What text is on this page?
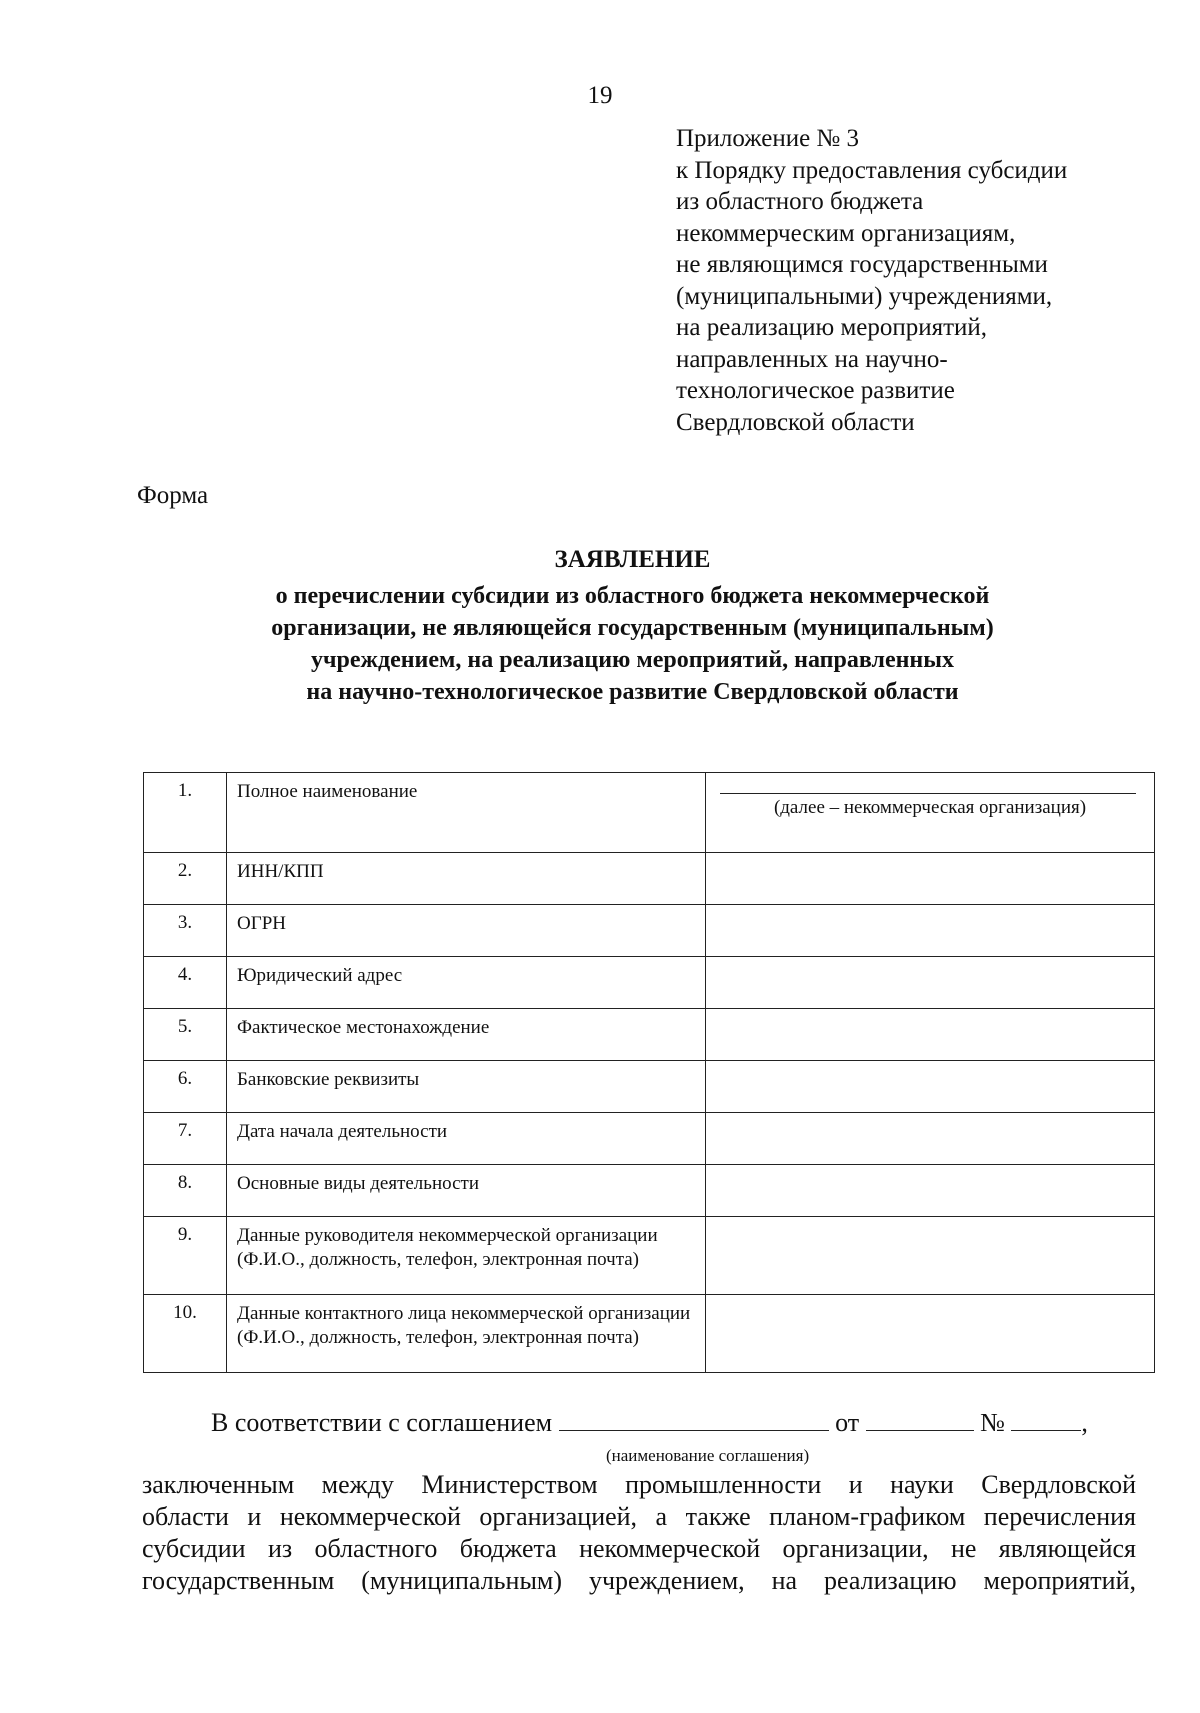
19
Приложение № 3
к Порядку предоставления субсидии
из областного бюджета
некоммерческим организациям,
не являющимся государственными
(муниципальными) учреждениями,
на реализацию мероприятий,
направленных на научно-
технологическое развитие
Свердловской области
Форма
ЗАЯВЛЕНИЕ
о перечислении субсидии из областного бюджета некоммерческой
организации, не являющейся государственным (муниципальным)
учреждением, на реализацию мероприятий, направленных
на научно-технологическое развитие Свердловской области
1.	Полное наименование	(далее – некоммерческая организация)

2.	ИНН/КПП	
3.	ОГРН	
4.	Юридический адрес	
5.	Фактическое местонахождение	
6.	Банковские реквизиты	
7.	Дата начала деятельности	
8.	Основные виды деятельности	
9.	Данные руководителя некоммерческой организации (Ф.И.О., должность, телефон, электронная почта)	
10.	Данные контактного лица некоммерческой организации (Ф.И.О., должность, телефон, электронная почта)	
В соответствии с соглашением	от	№	,
(наименование соглашения)
заключенным между Министерством промышленности и науки Свердловской
области и некоммерческой организацией, а также планом-графиком перечисления
субсидии из областного бюджета некоммерческой организации, не являющейся
государственным (муниципальным) учреждением, на реализацию мероприятий,
